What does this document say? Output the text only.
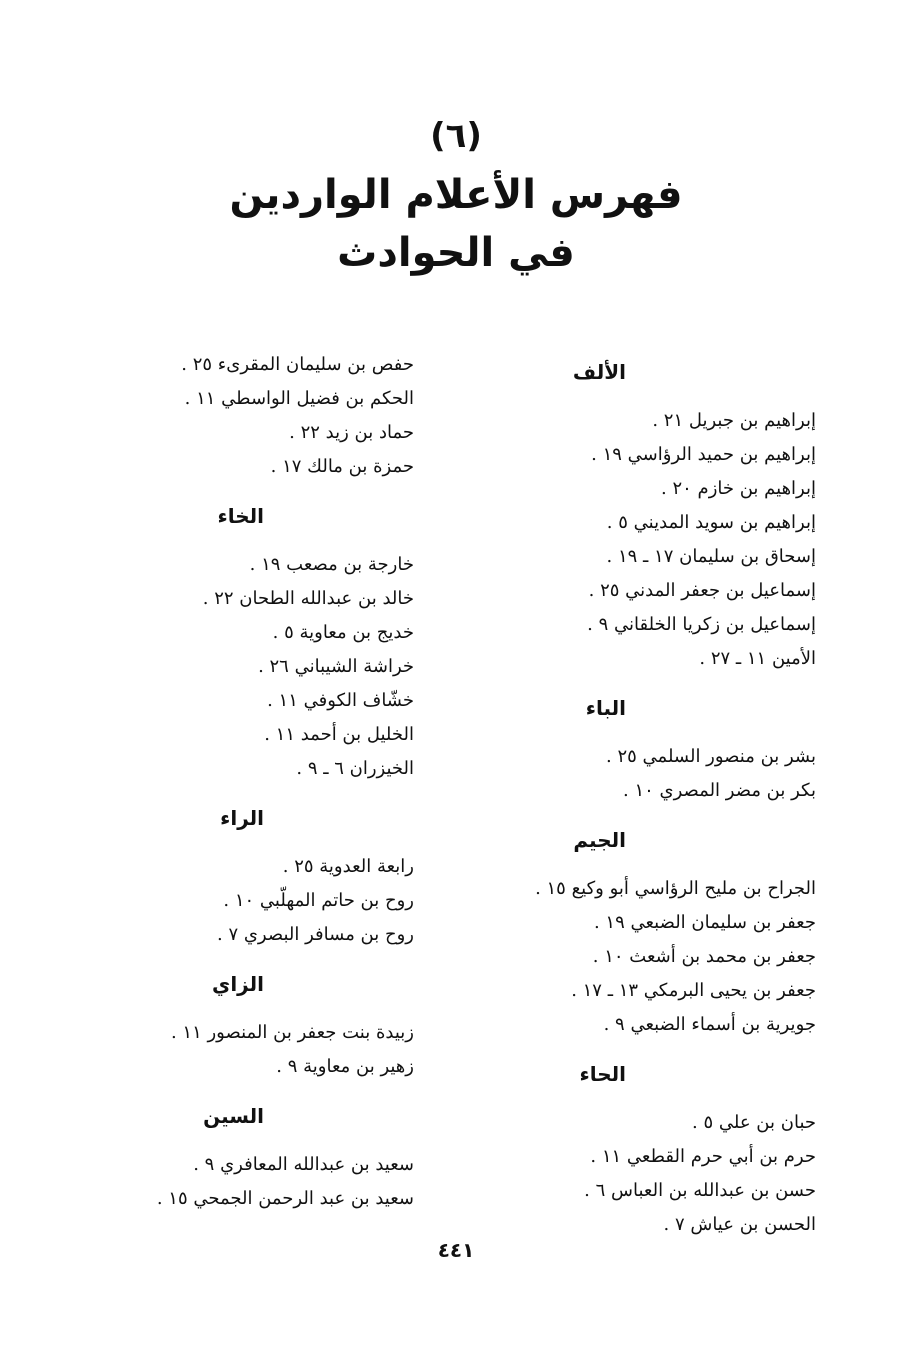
(٦)
فهرس الأعلام الواردين
في الحوادث
الألف
إبراهيم بن جبريل ٢١ .
إبراهيم بن حميد الرؤاسي ١٩ .
إبراهيم بن خازم ٢٠ .
إبراهيم بن سويد المديني ٥ .
إسحاق بن سليمان ١٧ ـ ١٩ .
إسماعيل بن جعفر المدني ٢٥ .
إسماعيل بن زكريا الخلقاني ٩ .
الأمين ١١ ـ ٢٧ .
الباء
بشر بن منصور السلمي ٢٥ .
بكر بن مضر المصري ١٠ .
الجيم
الجراح بن مليح الرؤاسي أبو وكيع ١٥ .
جعفر بن سليمان الضبعي ١٩ .
جعفر بن محمد بن أشعث ١٠ .
جعفر بن يحيى البرمكي ١٣ ـ ١٧ .
جويرية بن أسماء الضبعي ٩ .
الحاء
حبان بن علي ٥ .
حرم بن أبي حرم القطعي ١١ .
حسن بن عبدالله بن العباس ٦ .
الحسن بن عياش ٧ .
حفص بن سليمان المقرىء ٢٥ .
الحكم بن فضيل الواسطي ١١ .
حماد بن زيد ٢٢ .
حمزة بن مالك ١٧ .
الخاء
خارجة بن مصعب ١٩ .
خالد بن عبدالله الطحان ٢٢ .
خديج بن معاوية ٥ .
خراشة الشيباني ٢٦ .
خشّاف الكوفي ١١ .
الخليل بن أحمد ١١ .
الخيزران ٦ ـ ٩ .
الراء
رابعة العدوية ٢٥ .
روح بن حاتم المهلّبي ١٠ .
روح بن مسافر البصري ٧ .
الزاي
زبيدة بنت جعفر بن المنصور ١١ .
زهير بن معاوية ٩ .
السين
سعيد بن عبدالله المعافري ٩ .
سعيد بن عبد الرحمن الجمحي ١٥ .
٤٤١
